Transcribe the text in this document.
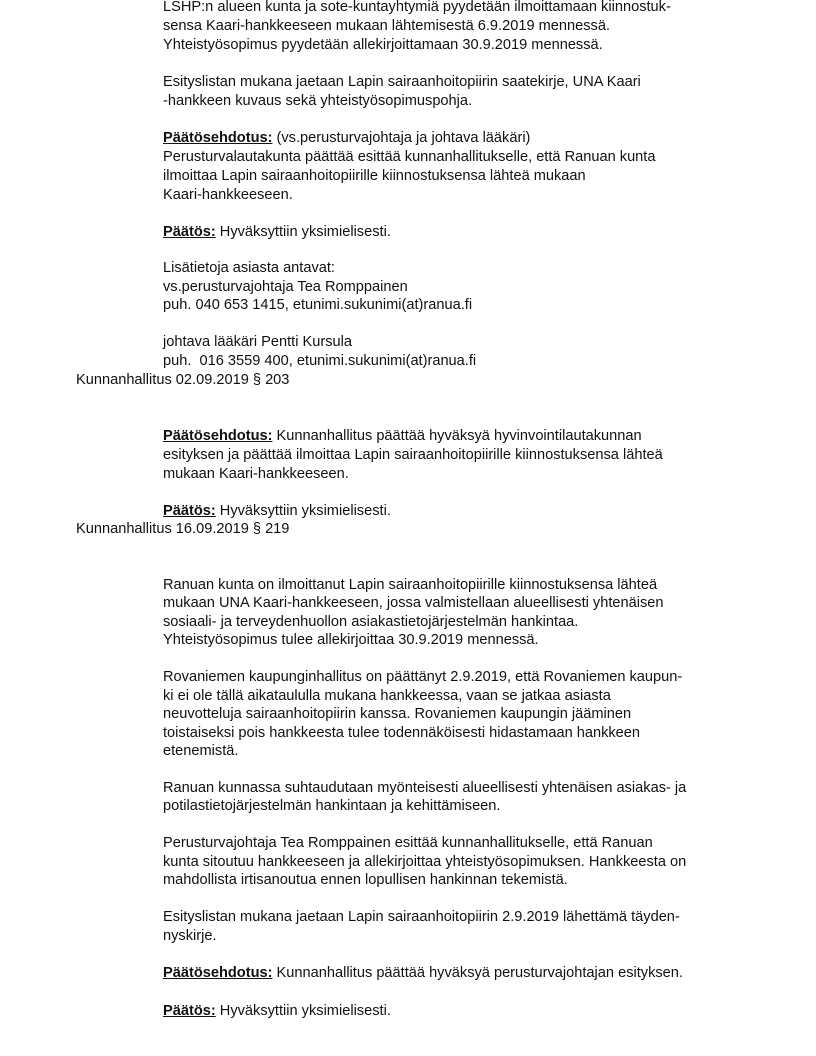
LSHP:n alueen kunta ja sote-kuntayhtymiä pyydetään ilmoittamaan kiinnostuk-
sensa Kaari-hankkeeseen mukaan lähtemisestä 6.9.2019 mennessä.
Yhteistyösopimus pyydetään allekirjoittamaan 30.9.2019 mennessä.
Esityslistan mukana jaetaan Lapin sairaanhoitopiirin saatekirje, UNA Kaari
-hankkeen kuvaus sekä yhteistyösopimuspohja.
Päätösehdotus: (vs.perusturvajohtaja ja johtava lääkäri)
Perusturvalautakunta päättää esittää kunnanhallitukselle, että Ranuan kunta
ilmoittaa Lapin sairaanhoitopiirille kiinnostuksensa lähteä mukaan
Kaari-hankkeeseen.
Päätös: Hyväksyttiin yksimielisesti.
Lisätietoja asiasta antavat:
vs.perusturvajohtaja Tea Romppainen
puh. 040 653 1415, etunimi.sukunimi(at)ranua.fi
johtava lääkäri Pentti Kursula
puh.  016 3559 400, etunimi.sukunimi(at)ranua.fi
Kunnanhallitus 02.09.2019 § 203
Päätösehdotus: Kunnanhallitus päättää hyväksyä hyvinvointilautakunnan
esityksen ja päättää ilmoittaa Lapin sairaanhoitopiirille kiinnostuksensa lähteä
mukaan Kaari-hankkeeseen.
Päätös: Hyväksyttiin yksimielisesti.
Kunnanhallitus 16.09.2019 § 219
Ranuan kunta on ilmoittanut Lapin sairaanhoitopiirille kiinnostuksensa lähteä
mukaan UNA Kaari-hankkeeseen, jossa valmistellaan alueellisesti yhtenäisen
sosiaali- ja terveydenhuollon asiakastietojärjestelmän hankintaa.
Yhteistyösopimus tulee allekirjoittaa 30.9.2019 mennessä.
Rovaniemen kaupunginhallitus on päättänyt 2.9.2019, että Rovaniemen kaupun-
ki ei ole tällä aikataululla mukana hankkeessa, vaan se jatkaa asiasta
neuvotteluja sairaanhoitopiirin kanssa. Rovaniemen kaupungin jääminen
toistaiseksi pois hankkeesta tulee todennäköisesti hidastamaan hankkeen
etenemistä.
Ranuan kunnassa suhtaudutaan myönteisesti alueellisesti yhtenäisen asiakas- ja
potilastietojärjestelmän hankintaan ja kehittämiseen.
Perusturvajohtaja Tea Romppainen esittää kunnanhallitukselle, että Ranuan
kunta sitoutuu hankkeeseen ja allekirjoittaa yhteistyösopimuksen. Hankkeesta on
mahdollista irtisanoutua ennen lopullisen hankinnan tekemistä.
Esityslistan mukana jaetaan Lapin sairaanhoitopiirin 2.9.2019 lähettämä täyden-
nyskirje.
Päätösehdotus: Kunnanhallitus päättää hyväksyä perusturvajohtajan esityksen.
Päätös: Hyväksyttiin yksimielisesti.
